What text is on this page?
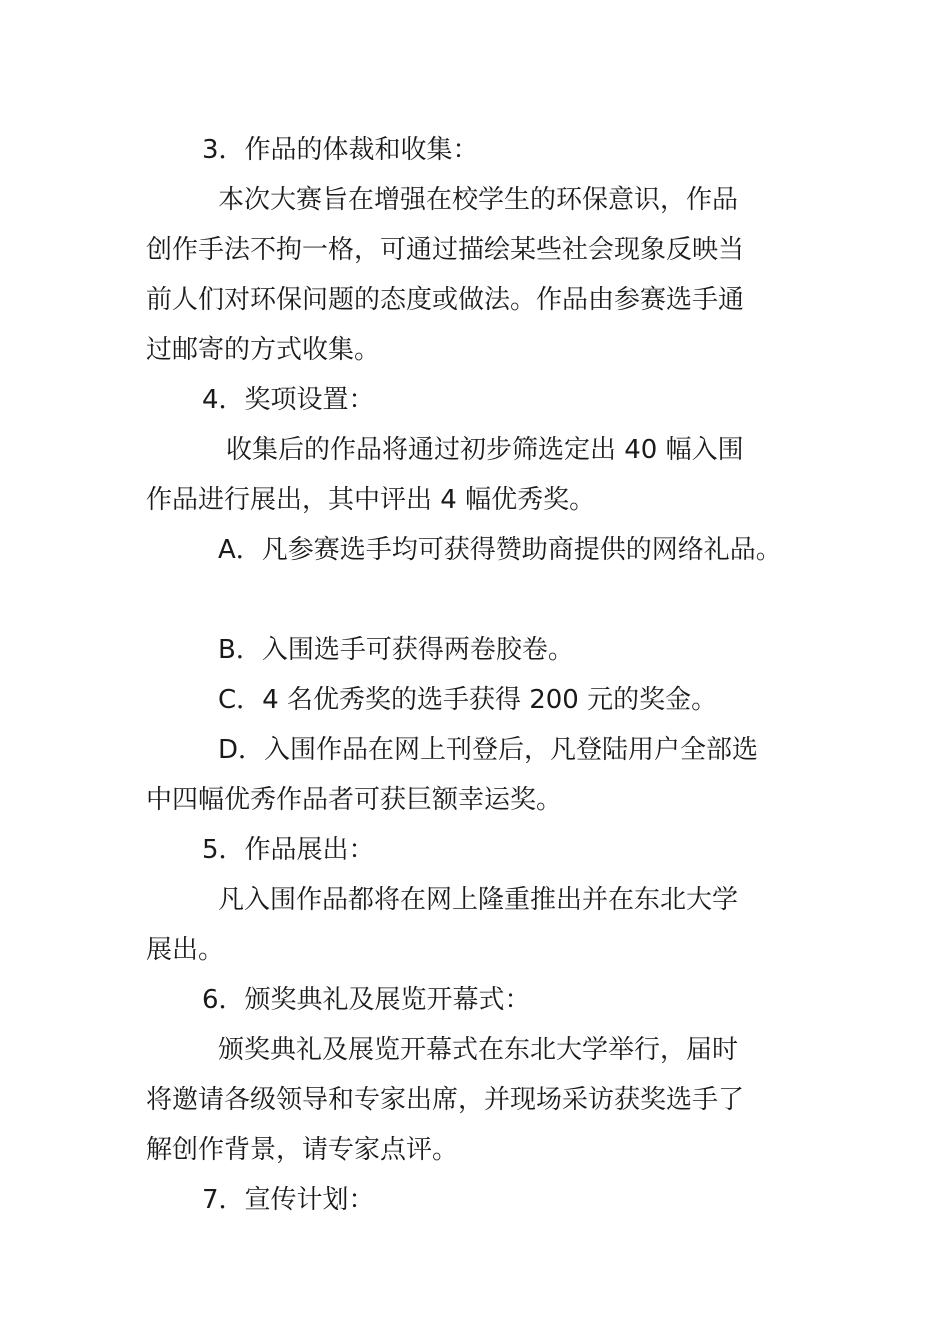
3．作品的体裁和收集：
本次大赛旨在增强在校学生的环保意识，作品
创作手法不拘一格，可通过描绘某些社会现象反映当
前人们对环保问题的态度或做法。作品由参赛选手通
过邮寄的方式收集。
4．奖项设置：
收集后的作品将通过初步筛选定出 40 幅入围
作品进行展出，其中评出 4 幅优秀奖。
A．凡参赛选手均可获得赞助商提供的网络礼品。
B．入围选手可获得两卷胶卷。
C．4 名优秀奖的选手获得 200 元的奖金。
D．入围作品在网上刊登后，凡登陆用户全部选
中四幅优秀作品者可获巨额幸运奖。
5．作品展出：
凡入围作品都将在网上隆重推出并在东北大学
展出。
6．颁奖典礼及展览开幕式：
颁奖典礼及展览开幕式在东北大学举行，届时
将邀请各级领导和专家出席，并现场采访获奖选手了
解创作背景，请专家点评。
7．宣传计划：
